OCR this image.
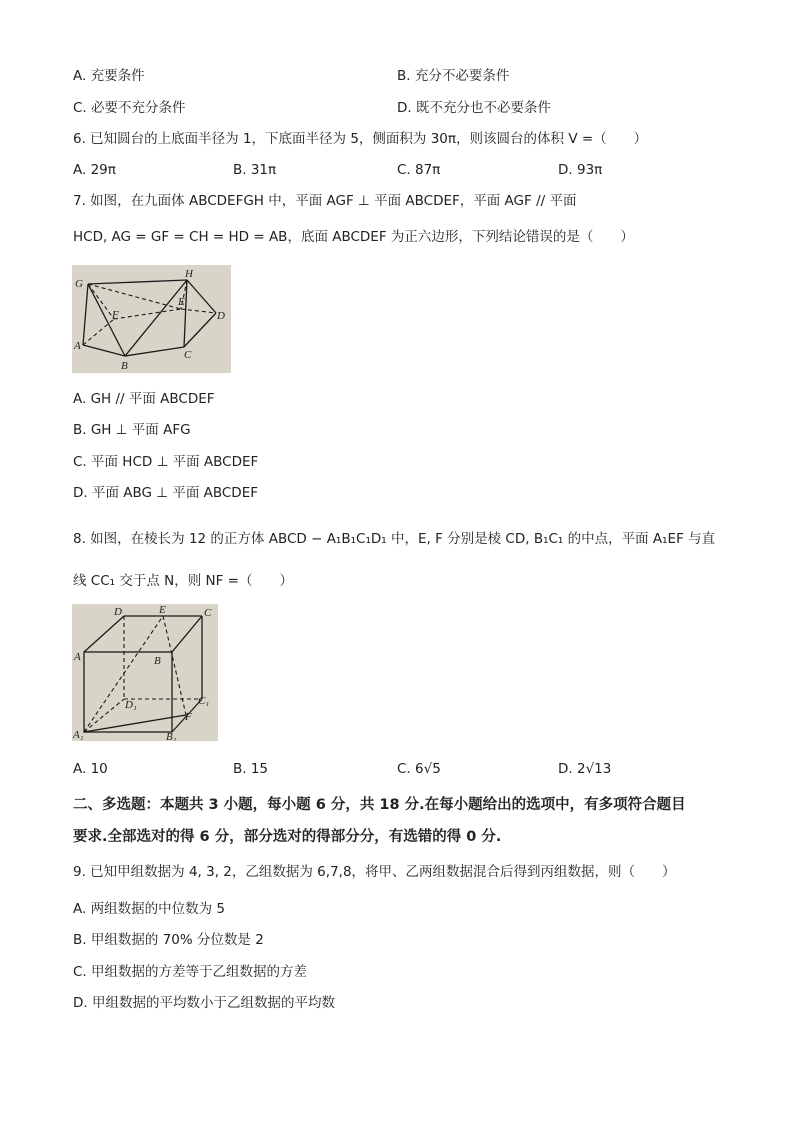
A. 充要条件	B. 充分不必要条件
C. 必要不充分条件	D. 既不充分也不必要条件
6. 已知圆台的上底面半径为 1，下底面半径为 5，侧面积为 30π，则该圆台的体积 V =（　　）
A. 29π	B. 31π	C. 87π	D. 93π
7. 如图，在九面体 ABCDEFGH 中，平面 AGF ⊥ 平面 ABCDEF，平面 AGF // 平面
HCD, AG = GF = CH = HD = AB，底面 ABCDEF 为正六边形，下列结论错误的是（　　）
G
H
E
F	D
A
C
B
A. GH // 平面 ABCDEF
B. GH ⊥ 平面 AFG
C. 平面 HCD ⊥ 平面 ABCDEF
D. 平面 ABG ⊥ 平面 ABCDEF
8. 如图，在棱长为 12 的正方体 ABCD − A₁B₁C₁D₁ 中，E, F 分别是棱 CD, B₁C₁ 的中点，平面 A₁EF 与直
线 CC₁ 交于点 N，则 NF =（　　）
D	E	C
A	B
D₁	C₁
F
A₁	B₁
A. 10	B. 15	C. 6√5	D. 2√13
二、多选题：本题共 3 小题，每小题 6 分，共 18 分.在每小题给出的选项中，有多项符合题目
要求.全部选对的得 6 分，部分选对的得部分分，有选错的得 0 分.
9. 已知甲组数据为 4, 3, 2，乙组数据为 6,7,8，将甲、乙两组数据混合后得到丙组数据，则（　　）
A. 两组数据的中位数为 5
B. 甲组数据的 70% 分位数是 2
C. 甲组数据的方差等于乙组数据的方差
D. 甲组数据的平均数小于乙组数据的平均数
